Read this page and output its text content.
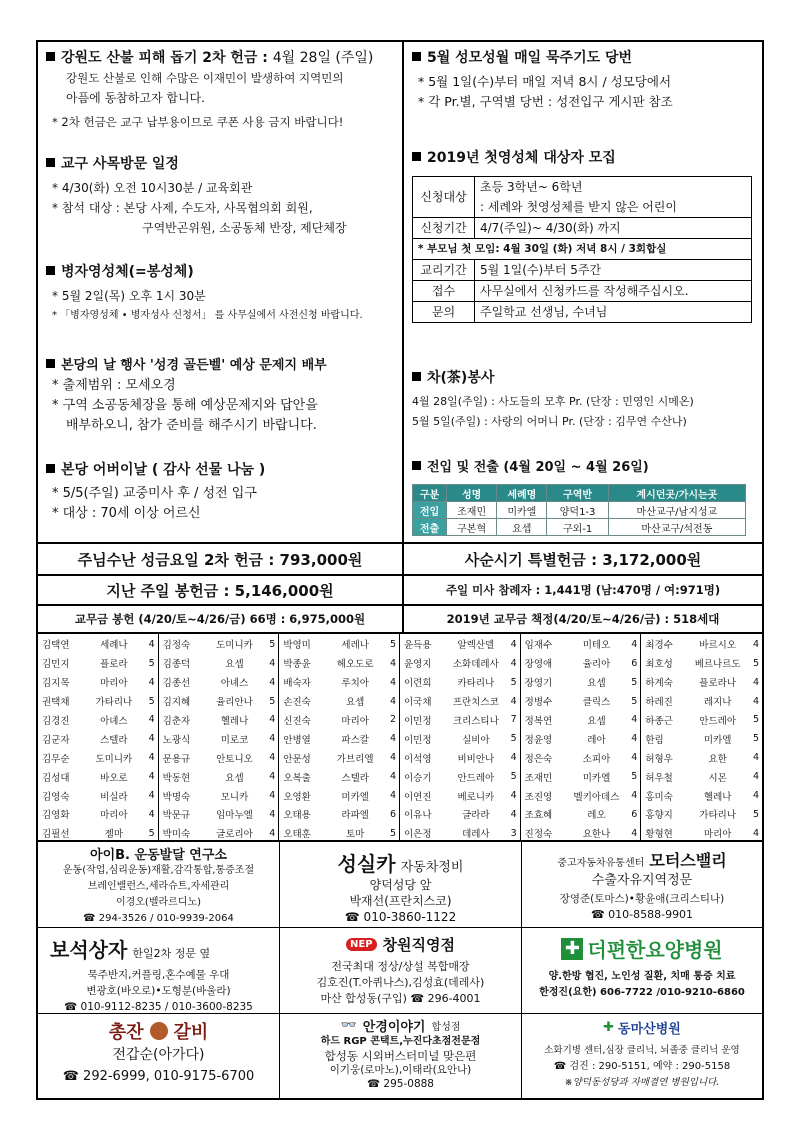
강원도 산불 피해 돕기 2차 헌금 : 4월 28일 (주일)
강원도 산불로 인해 수많은 이재민이 발생하여 지역민의
아픔에 동참하고자 합니다.
* 2차 헌금은 교구 납부용이므로 쿠폰 사용 금지 바랍니다!
교구 사목방문 일정
* 4/30(화) 오전 10시30분 / 교육회관
* 참석 대상 : 본당 사제, 수도자, 사목협의회 회원,
구역반곤위원, 소공동체 반장, 제단체장
병자영성체(=봉성체)
* 5월 2일(목) 오후 1시 30분
* 「병자영성체 • 병자성사 신청서」 를 사무실에서 사전신청 바랍니다.
본당의 날 행사 '성경 골든벨' 예상 문제지 배부
* 출제범위 : 모세오경
* 구역 소공동체장을 통해 예상문제지와 답안을
배부하오니, 참가 준비를 해주시기 바랍니다.
본당 어버이날 ( 감사 선물 나눔 )
* 5/5(주일) 교중미사 후 / 성전 입구
* 대상 : 70세 이상 어르신
5월 성모성월 매일 묵주기도 당번
* 5월 1일(수)부터 매일 저녁 8시 / 성모당에서
* 각 Pr.별, 구역별 당번 : 성전입구 게시판 참조
2019년 첫영성체 대상자 모집
신청대상	초등 3학년~ 6학년
	: 세례와 첫영성체를 받지 않은 어린이
신청기간	4/7(주일)~ 4/30(화) 까지
* 부모님 첫 모임: 4월 30일 (화) 저녁 8시 / 3회합실	
교리기간	5월 1일(수)부터 5주간
접수	사무실에서 신청카드를 작성해주십시오.
문의	주일학교 선생님, 수녀님
차(茶)봉사
4월 28일(주일) : 사도들의 모후 Pr. (단장 : 민영인 시메온)
5월 5일(주일) : 사랑의 어머니 Pr. (단장 : 김무연 수산나)
전입 및 전출 (4월 20일 ~ 4월 26일)
구분	성명	세례명	구역반	계시던곳/가시는곳
전입	조재민	미카엘	양덕1-3	마산교구/남지성교
전출	구본혁	요셉	구외-1	마산교구/석전동
주님수난 성금요일 2차 헌금 : 793,000원	사순시기 특별헌금 : 3,172,000원
지난 주일 봉헌금 : 5,146,000원	주일 미사 참례자 : 1,441명 (남:470명 / 여:971명)
교무금 봉헌 (4/20/토~4/26/금) 66명 : 6,975,000원	2019년 교무금 책정(4/20/토~4/26/금) : 518세대
김택연	세례나	4
김민지	플로라	5
김지목	마리아	4
권택채	가타리나	5
김경진	아녜스	4
김군자	스텔라	4
김무순	도미니카	4
김성대	바오로	4
김영숙	비실라	4
김영화	마리아	4
김필선	젬마	5
김정숙	도미니카	5
김종덕	요셉	4
김종선	아녜스	4
김지혜	율리안나	5
김춘자	헬레나	4
노광식	미로코	4
문용규	안토니오	4
박동현	요셉	4
박명숙	모니카	4
박문규	임마누엘	4
박미숙	글로리아	4
박영미	세레나	5
박종윤	헤오도로	4
배숙자	루치아	4
손진숙	요셉	4
신진숙	마리아	2
안병열	파스칼	4
안문성	가브리엘	4
오복출	스텔라	4
오영환	미카엘	4
오태용	라파엘	6
오태훈	토마	5
윤득용	알렉산델	4
윤영지	소화데레사	4
이련희	카타리나	5
이국채	프란치스코	4
이민정	크리스티나	7
이민정	실비아	5
이석영	비비안나	4
이승기	안드레아	5
이연진	베로니카	4
이유나	글라라	4
이은정	데레사	3
임재수	미테오	4
장영애	율리아	6
장영기	요셉	5
정병수	클릭스	5
정복연	요셉	4
정윤영	레아	4
정은숙	소피아	4
조재민	미카엘	5
조진영	멜키아데스	4
조효혜	레오	6
진정숙	요한나	4
최경수	바르시오	4
최호성	베르나르도	5
하계숙	플로라나	4
하레진	레지나	4
하종근	안드레아	5
한림	미카엘	5
허형우	요한	4
허우철	시몬	4
홍미숙	헬레나	4
홍향지	가타리나	5
황형현	마리아	4
아이B. 운동발달 연구소
운동(작업,심리운동)재활,감각통합,통증조절
브레인밸런스,세라슈트,자세관리
이경오(벨라르디노)
☎ 294-3526 / 010-9939-2064
성실카 자동차정비
양덕성당 앞
박재선(프란치스코)
☎ 010-3860-1122
중고자동차유통센터 모터스밸리
수출자유지역정문
장영준(토마스)•황윤애(크리스티나)
☎ 010-8588-9901
보석상자 한일2차 정문 옆
묵주반지,커플링,혼수예물 우대
변광호(바오로)•도형분(바울라)
☎ 010-9112-8235 / 010-3600-8235
NEP 창원직영점
전국최대 정상/상설 복합매장
김호진(T.아퀴나스),김성효(데레사)
마산 합성동(구입) ☎ 296-4001
✚ 더편한요양병원
양.한방 협진, 노인성 질환, 치매 통증 치료
한정진(요한) 606-7722 /010-9210-6860
총잔 갈비
전갑순(아가다)
☎ 292-6999, 010-9175-6700
👓 안경이야기 합성점
하드 RGP 콘택트,누진다초점전문점
합성동 시외버스터미널 맞은편
이기웅(로마노),이태라(요안나)
☎ 295-0888
✚ 동마산병원
소화기병 센터,심장 클리닉, 뇌졸중 클리닉 운영
☎ 검진 : 290-5151, 예약 : 290-5158
※양덕동성당과 자매결연 병원입니다.
